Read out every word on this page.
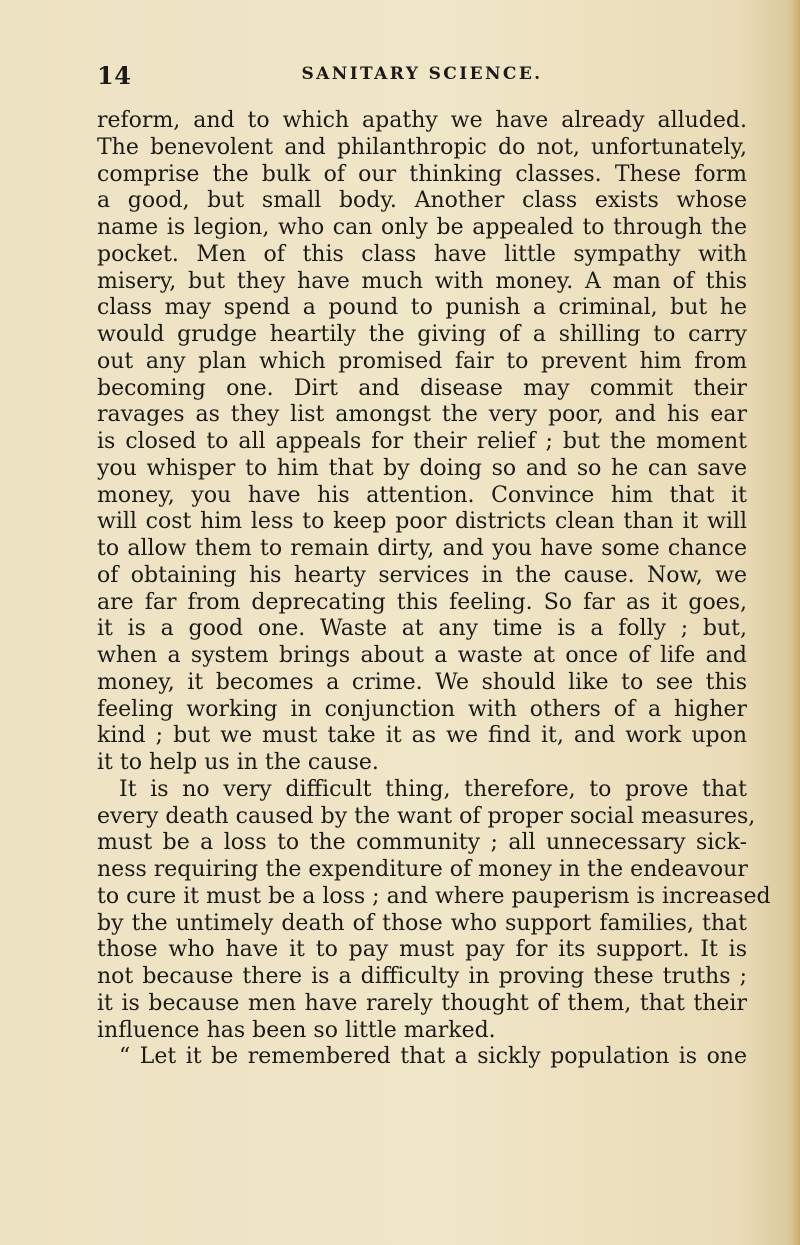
14	SANITARY SCIENCE.
reform, and to which apathy we have already alluded.
The benevolent and philanthropic do not, unfortunately,
comprise the bulk of our thinking classes. These form
a good, but small body. Another class exists whose
name is legion, who can only be appealed to through the
pocket. Men of this class have little sympathy with
misery, but they have much with money. A man of this
class may spend a pound to punish a criminal, but he
would grudge heartily the giving of a shilling to carry
out any plan which promised fair to prevent him from
becoming one. Dirt and disease may commit their
ravages as they list amongst the very poor, and his ear
is closed to all appeals for their relief ; but the moment
you whisper to him that by doing so and so he can save
money, you have his attention. Convince him that it
will cost him less to keep poor districts clean than it will
to allow them to remain dirty, and you have some chance
of obtaining his hearty services in the cause. Now, we
are far from deprecating this feeling. So far as it goes,
it is a good one. Waste at any time is a folly ; but,
when a system brings about a waste at once of life and
money, it becomes a crime. We should like to see this
feeling working in conjunction with others of a higher
kind ; but we must take it as we find it, and work upon
it to help us in the cause.
It is no very difficult thing, therefore, to prove that
every death caused by the want of proper social measures,
must be a loss to the community ; all unnecessary sick-
ness requiring the expenditure of money in the endeavour
to cure it must be a loss ; and where pauperism is increased
by the untimely death of those who support families, that
those who have it to pay must pay for its support. It is
not because there is a difficulty in proving these truths ;
it is because men have rarely thought of them, that their
influence has been so little marked.
“ Let it be remembered that a sickly population is one
